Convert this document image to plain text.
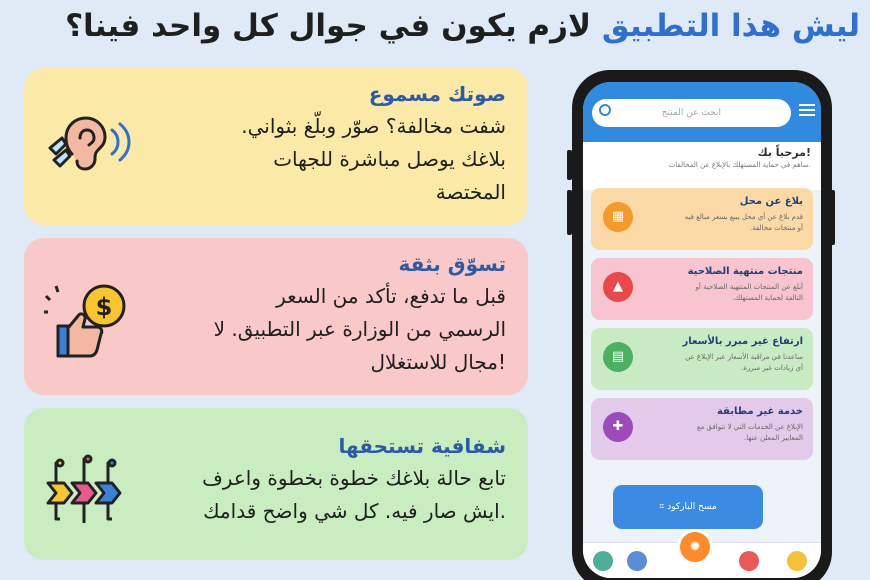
ليش هذا التطبيق لازم يكون في جوال كل واحد فينا؟
صوتك مسموع

شفت مخالفة؟ صوّر وبلّغ بثواني.
بلاغك يوصل مباشرة للجهات
المختصة

تسوّق بثقة

قبل ما تدفع، تأكد من السعر
الرسمي من الوزارة عبر التطبيق. لا
!مجال للاستغلال

$
شفافية تستحقها

تابع حالة بلاغك خطوة بخطوة واعرف
.ايش صار فيه. كل شي واضح قدامك

ابحث عن المنتج
!مرحباً بك
.ساهم في حماية المستهلك بالإبلاغ عن المخالفات
بلاغ عن محل
قدم بلاغ عن أي محل يبيع بسعر مبالغ فيه أو منتجات مخالفة.
▦
منتجات منتهية الصلاحية
أبلغ عن المنتجات المنتهية الصلاحية أو التالفة لحماية المستهلك.
▲
ارتفاع غير مبرر بالأسعار
ساعدنا في مراقبة الأسعار عبر الإبلاغ عن أي زيادات غير مبررة.
▤
خدمة غير مطابقة
الإبلاغ عن الخدمات التي لا تتوافق مع المعايير المعلن عنها.
✚
مسح الباركود ⌗
✹
